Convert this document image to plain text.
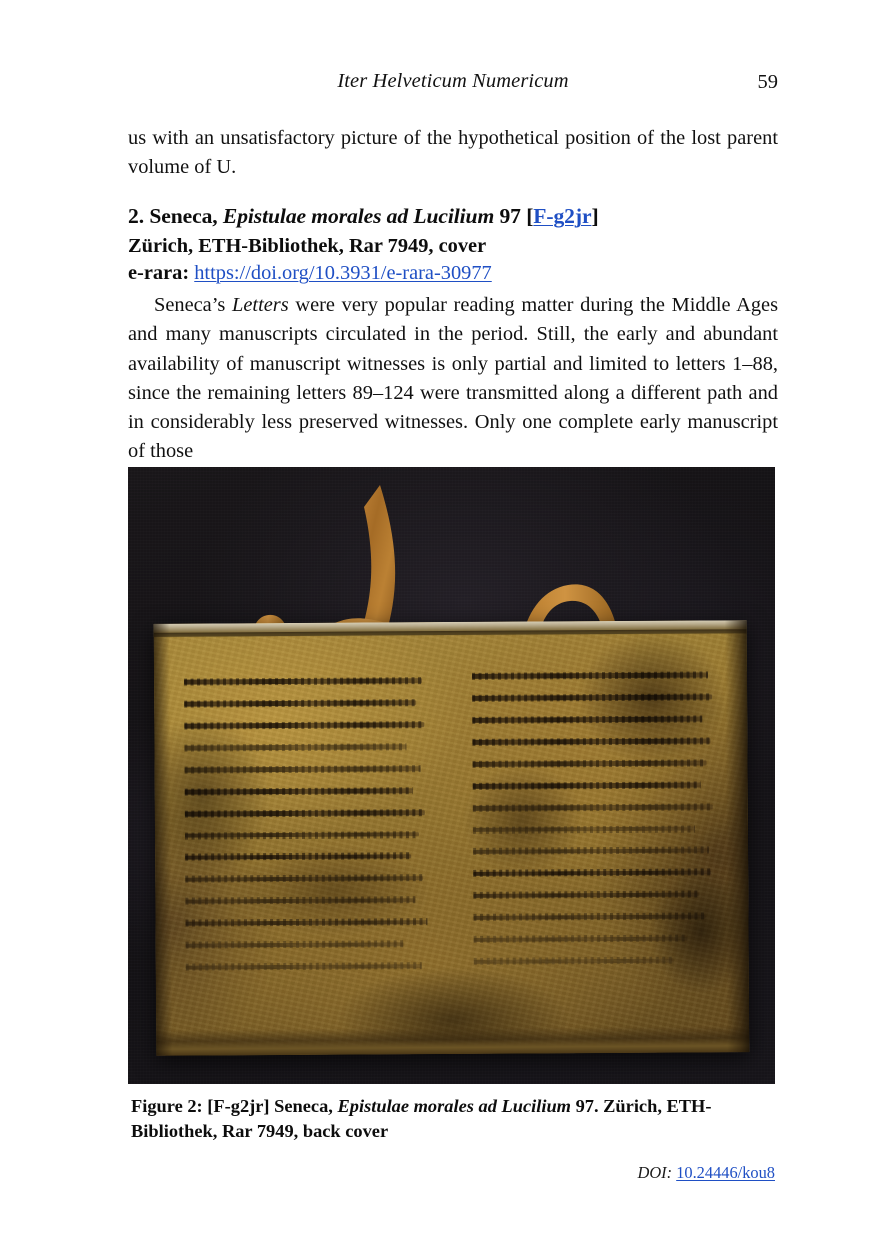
Iter Helveticum Numericum	59
us with an unsatisfactory picture of the hypothetical position of the lost parent volume of U.
2. Seneca, Epistulae morales ad Lucilium 97 [F-g2jr]
Zürich, ETH-Bibliothek, Rar 7949, cover
e-rara: https://doi.org/10.3931/e-rara-30977
Seneca’s Letters were very popular reading matter during the Middle Ages and many manuscripts circulated in the period. Still, the early and abundant availability of manuscript witnesses is only partial and limited to letters 1–88, since the remaining letters 89–124 were transmitted along a different path and in considerably less preserved witnesses. Only one complete early manuscript of those
Figure 2: [F-g2jr] Seneca, Epistulae morales ad Lucilium 97. Zürich, ETH-Bibliothek, Rar 7949, back cover
DOI: 10.24446/kou8
